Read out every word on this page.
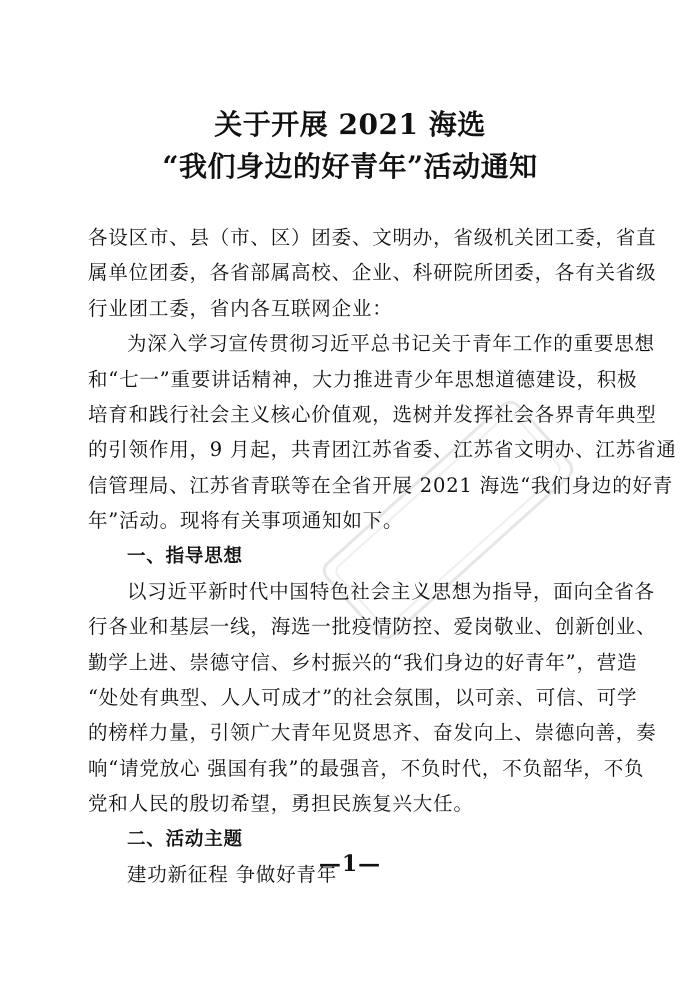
关于开展 2021 海选
“我们身边的好青年”活动通知
各设区市、县（市、区）团委、文明办，省级机关团工委，省直
属单位团委，各省部属高校、企业、科研院所团委，各有关省级
行业团工委，省内各互联网企业：
为深入学习宣传贯彻习近平总书记关于青年工作的重要思想
和“七一”重要讲话精神，大力推进青少年思想道德建设，积极
培育和践行社会主义核心价值观，选树并发挥社会各界青年典型
的引领作用，9 月起，共青团江苏省委、江苏省文明办、江苏省通
信管理局、江苏省青联等在全省开展 2021 海选“我们身边的好青
年”活动。现将有关事项通知如下。
一、指导思想
以习近平新时代中国特色社会主义思想为指导，面向全省各
行各业和基层一线，海选一批疫情防控、爱岗敬业、创新创业、
勤学上进、崇德守信、乡村振兴的“我们身边的好青年”，营造
“处处有典型、人人可成才”的社会氛围，以可亲、可信、可学
的榜样力量，引领广大青年见贤思齐、奋发向上、崇德向善，奏
响“请党放心 强国有我”的最强音，不负时代，不负韶华，不负
党和人民的殷切希望，勇担民族复兴大任。
二、活动主题
建功新征程 争做好青年
—1—
